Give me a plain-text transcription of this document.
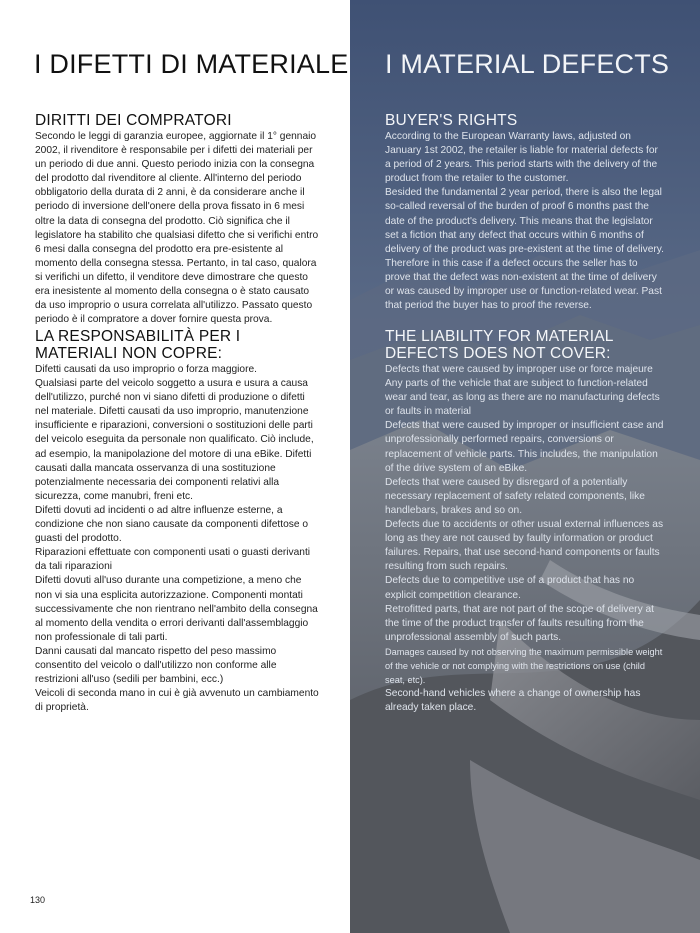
I DIFETTI DI MATERIALE
DIRITTI DEI COMPRATORI
Secondo le leggi di garanzia europee, aggiornate il 1° gennaio 2002, il rivenditore è responsabile per i difetti dei materiali per un periodo di due anni. Questo periodo inizia con la consegna del prodotto dal rivenditore al cliente. All'interno del periodo obbligatorio della durata di 2 anni, è da considerare anche il periodo di inversione dell'onere della prova fissato in 6 mesi oltre la data di consegna del prodotto. Ciò significa che il legislatore ha stabilito che qualsiasi difetto che si verifichi entro 6 mesi dalla consegna del prodotto era pre-esistente al momento della consegna stessa. Pertanto, in tal caso, qualora si verifichi un difetto, il venditore deve dimostrare che questo era inesistente al momento della consegna o è stato causato da uso improprio o usura correlata all'utilizzo. Passato questo periodo è il compratore a dover fornire questa prova.
LA RESPONSABILITÀ PER I MATERIALI NON COPRE:

Difetti causati da uso improprio o forza maggiore.

Qualsiasi parte del veicolo soggetto a usura e usura a causa dell'utilizzo, purché non vi siano difetti di produzione o difetti nel materiale. Difetti causati da uso improprio, manutenzione insufficiente e riparazioni, conversioni o sostituzioni delle parti del veicolo eseguita da personale non qualificato. Ciò include, ad esempio, la manipolazione del motore di una eBike. Difetti causati dalla mancata osservanza di una sostituzione potenzialmente necessaria dei componenti relativi alla sicurezza, come manubri, freni etc.

Difetti dovuti ad incidenti o ad altre influenze esterne, a condizione che non siano causate da componenti difettose o guasti del prodotto.

Riparazioni effettuate con componenti usati o guasti derivanti da tali riparazioni

Difetti dovuti all'uso durante una competizione, a meno che non vi sia una esplicita autorizzazione. Componenti montati successivamente che non rientrano nell'ambito della consegna al momento della vendita o errori derivanti dall'assemblaggio non professionale di tali parti.

Danni causati dal mancato rispetto del peso massimo consentito del veicolo o dall'utilizzo non conforme alle restrizioni all'uso (sedili per bambini, ecc.)

Veicoli di seconda mano in cui è già avvenuto un cambiamento di proprietà.

130
I MATERIAL DEFECTS
BUYER'S RIGHTS

According to the European Warranty laws, adjusted on January 1st 2002, the retailer is liable for material defects for a period of 2 years. This period starts with the delivery of the product from the retailer to the customer.

Besided the fundamental 2 year period, there is also the legal so-called reversal of the burden of proof 6 months past the date of the product's delivery. This means that the legislator set a fiction that any defect that occurs within 6 months of delivery of the product was pre-existent at the time of delivery. Therefore in this case if a defect occurs the seller has to prove that the defect was non-existent at the time of delivery or was caused by improper use or function-related wear. Past that period the buyer has to proof the reverse.

THE LIABILITY FOR MATERIAL DEFECTS DOES NOT COVER:

Defects that were caused by improper use or force majeure

Any parts of the vehicle that are subject to function-related wear and tear, as long as there are no manufacturing defects or faults in material

Defects that were caused by improper or insufficient case and unprofessionally performed repairs, conversions or replacement of vehicle parts. This includes, the manipulation of the drive system of an eBike.

Defects that were caused by disregard of a potentially necessary replacement of safety related components, like handlebars, brakes and so on.

Defects due to accidents or other usual external influences as long as they are not caused by faulty information or product failures. Repairs, that use second-hand components or faults resulting from such repairs.

Defects due to competitive use of a product that has no explicit competition clearance.

Retrofitted parts, that are not part of the scope of delivery at the time of the product transfer of faults resulting from the unprofessional assembly of such parts.

Damages caused by not observing the maximum permissible weight of the vehicle or not complying with the restrictions on use (child seat, etc).

Second-hand vehicles where a change of ownership has already taken place.
